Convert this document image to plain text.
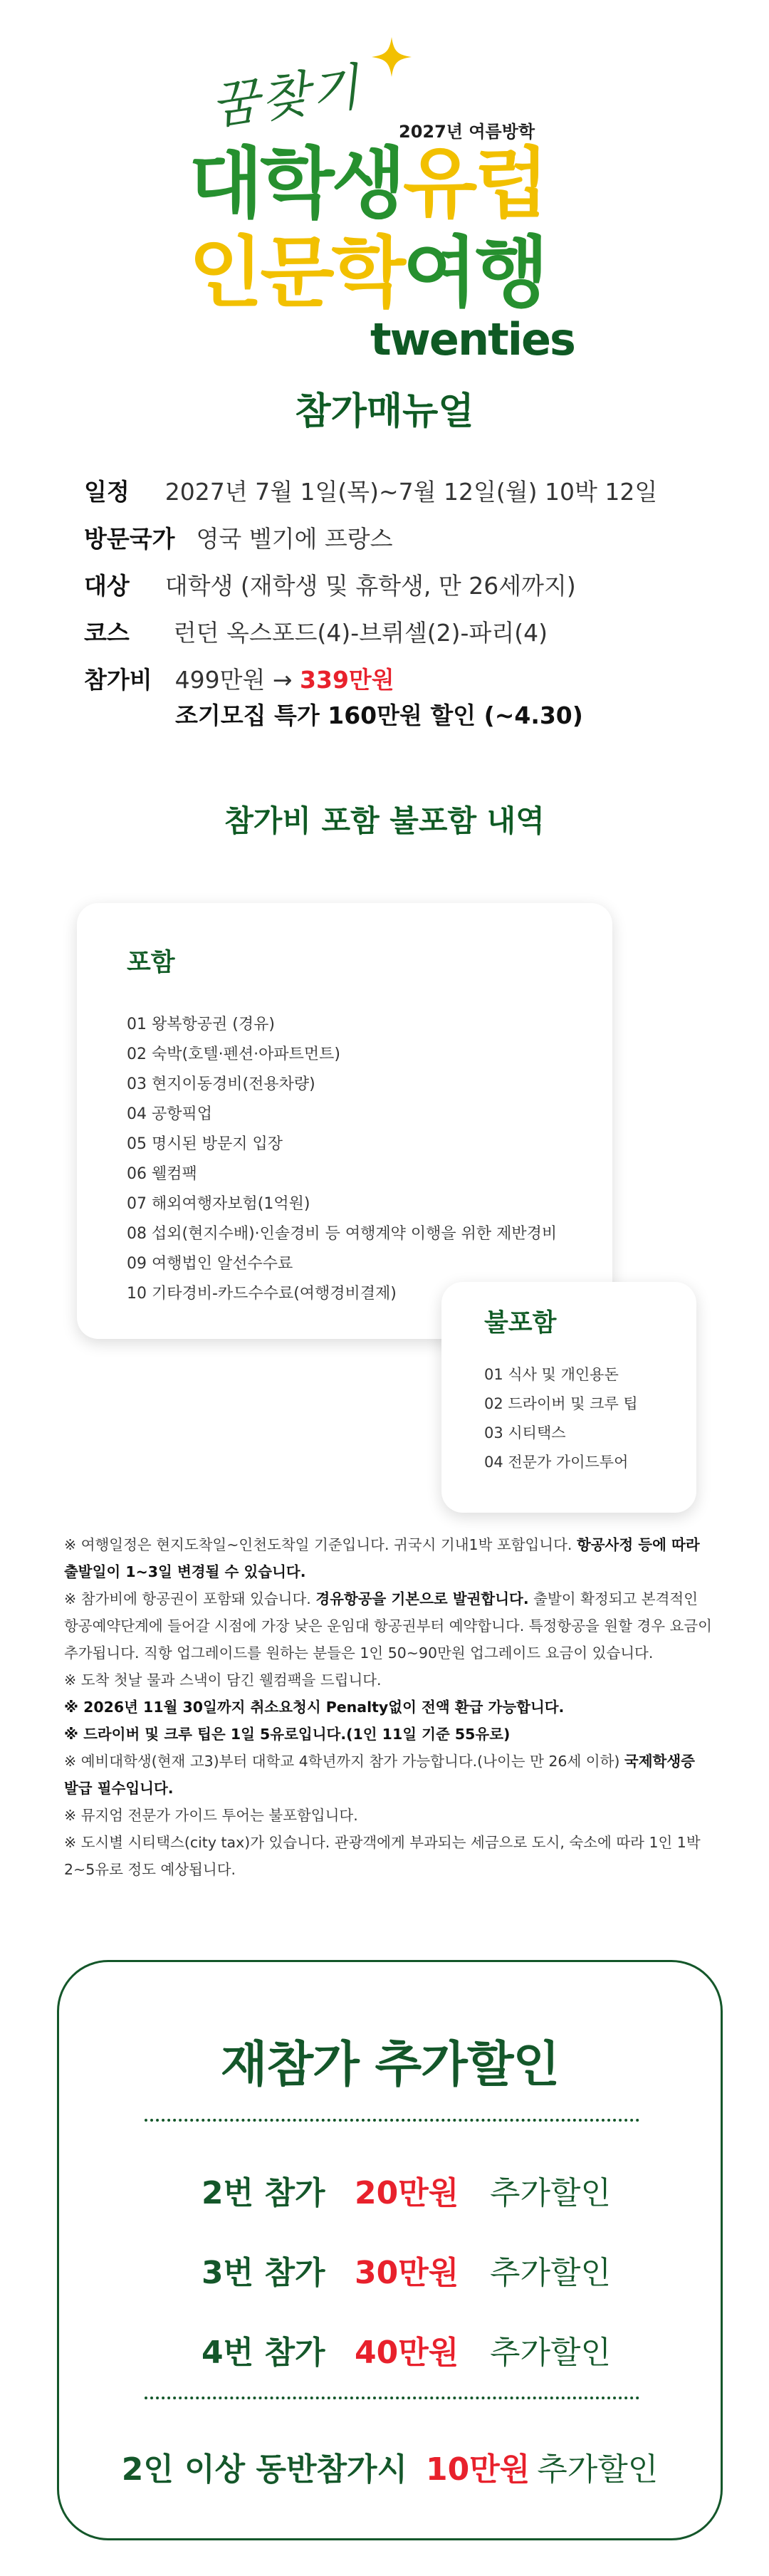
꿈찾기 2027년 여름방학
대학생유럽
인문학여행
twenties
참가매뉴얼
일정 2027년 7월 1일(목)~7월 12일(월) 10박 12일
방문국가 영국 벨기에 프랑스
대상 대학생 (재학생 및 휴학생, 만 26세까지)
코스 런던 옥스포드(4)-브뤼셀(2)-파리(4)
참가비 499만원 → 339만원
조기모집 특가 160만원 할인 (~4.30)
참가비 포함 불포함 내역
포함
01 왕복항공권 (경유)
02 숙박(호텔·펜션·아파트먼트)
03 현지이동경비(전용차량)
04 공항픽업
05 명시된 방문지 입장
06 웰컴팩
07 해외여행자보험(1억원)
08 섭외(현지수배)·인솔경비 등 여행계약 이행을 위한 제반경비
09 여행법인 알선수수료
10 기타경비-카드수수료(여행경비결제)
불포함
01 식사 및 개인용돈
02 드라이버 및 크루 팁
03 시티택스
04 전문가 가이드투어

※ 여행일정은 현지도착일~인천도착일 기준입니다. 귀국시 기내1박 포함입니다. 항공사정 등에 따라 출발일이 1~3일 변경될 수 있습니다.

※ 참가비에 항공권이 포함돼 있습니다. 경유항공을 기본으로 발권합니다. 출발이 확정되고 본격적인 항공예약단계에 들어갈 시점에 가장 낮은 운임대 항공권부터 예약합니다. 특정항공을 원할 경우 요금이 추가됩니다. 직항 업그레이드를 원하는 분들은 1인 50~90만원 업그레이드 요금이 있습니다.

※ 도착 첫날 물과 스낵이 담긴 웰컴팩을 드립니다.

※ 2026년 11월 30일까지 취소요청시 Penalty없이 전액 환급 가능합니다.

※ 드라이버 및 크루 팁은 1일 5유로입니다.(1인 11일 기준 55유로)

※ 예비대학생(현재 고3)부터 대학교 4학년까지 참가 가능합니다.(나이는 만 26세 이하) 국제학생증 발급 필수입니다.

※ 뮤지엄 전문가 가이드 투어는 불포함입니다.

※ 도시별 시티택스(city tax)가 있습니다. 관광객에게 부과되는 세금으로 도시, 숙소에 따라 1인 1박 2~5유로 정도 예상됩니다.

재참가 추가할인
2번 참가 20만원 추가할인
3번 참가 30만원 추가할인
4번 참가 40만원 추가할인
2인 이상 동반참가시 10만원 추가할인
